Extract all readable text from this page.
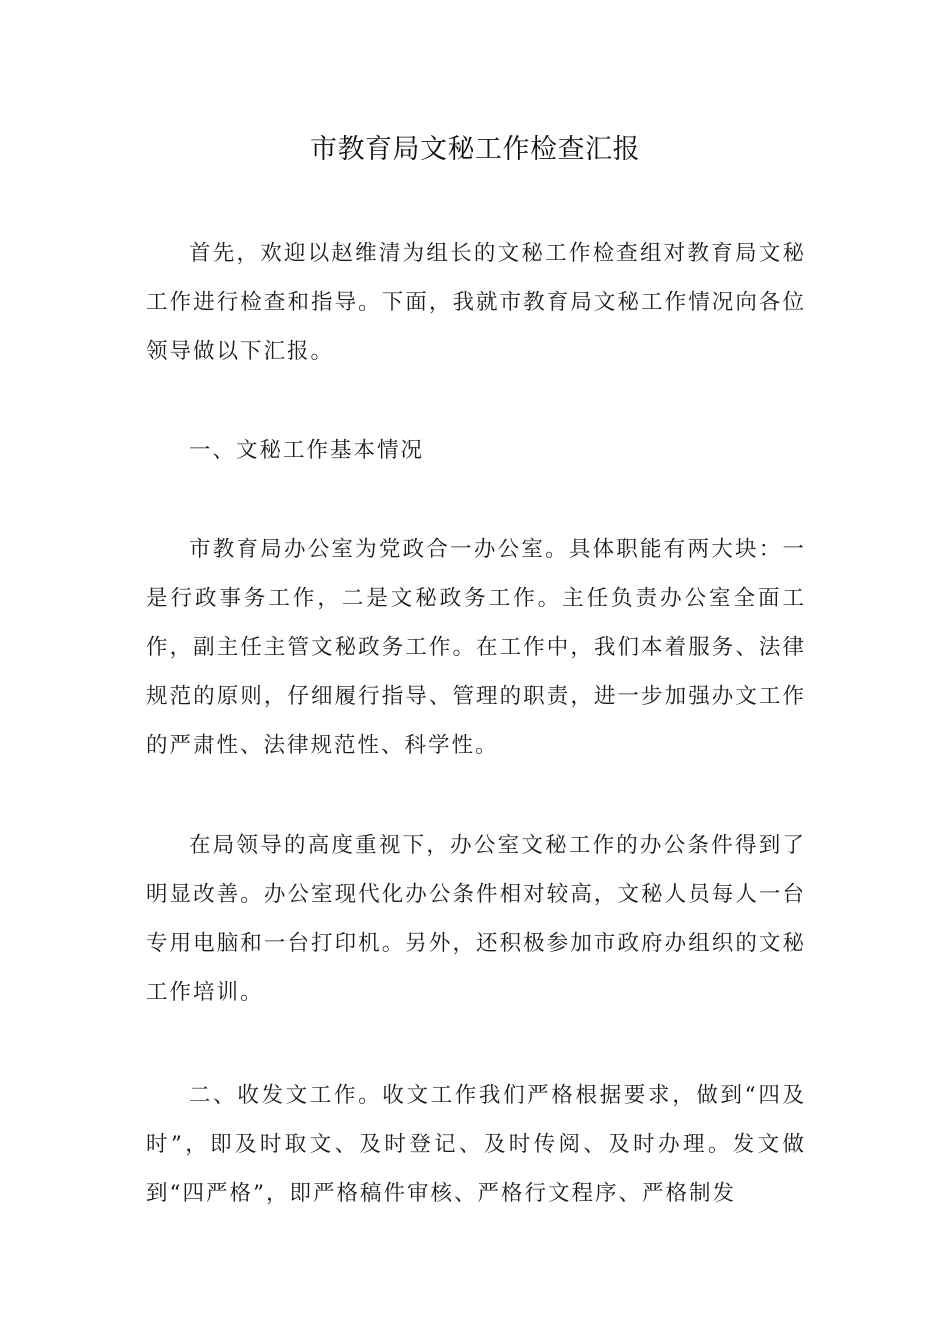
市教育局文秘工作检查汇报

首先，欢迎以赵维清为组长的文秘工作检查组对教育局文秘工作进行检查和指导。下面，我就市教育局文秘工作情况向各位领导做以下汇报。

一、文秘工作基本情况

市教育局办公室为党政合一办公室。具体职能有两大块：一是行政事务工作，二是文秘政务工作。主任负责办公室全面工作，副主任主管文秘政务工作。在工作中，我们本着服务、法律规范的原则，仔细履行指导、管理的职责，进一步加强办文工作的严肃性、法律规范性、科学性。

在局领导的高度重视下，办公室文秘工作的办公条件得到了明显改善。办公室现代化办公条件相对较高，文秘人员每人一台专用电脑和一台打印机。另外，还积极参加市政府办组织的文秘工作培训。

二、收发文工作。收文工作我们严格根据要求，做到“四及时”，即及时取文、及时登记、及时传阅、及时办理。发文做到“四严格”，即严格稿件审核、严格行文程序、严格制发
